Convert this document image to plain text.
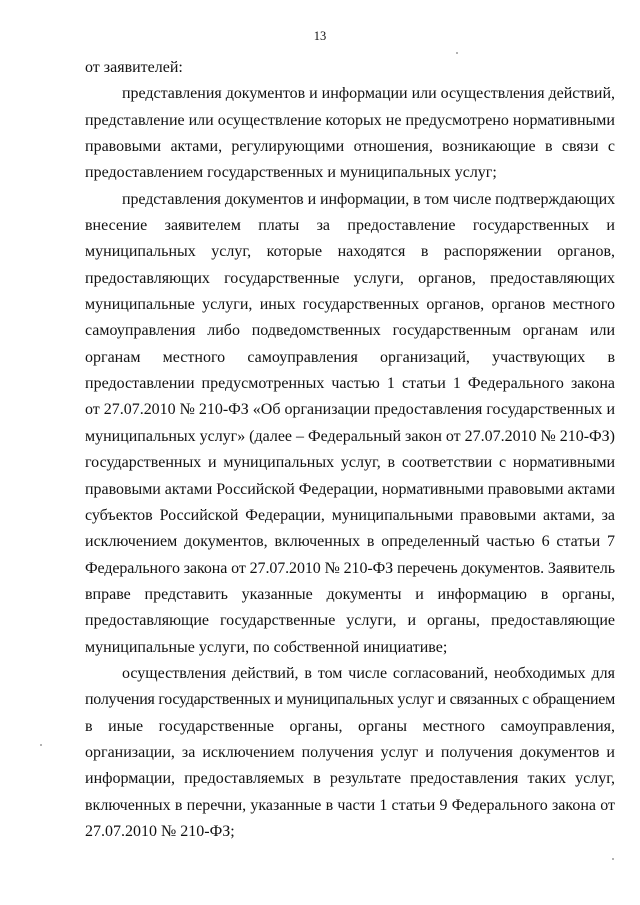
13
от заявителей:
представления документов и информации или осуществления действий,
представление или осуществление которых не предусмотрено нормативными
правовыми актами, регулирующими отношения, возникающие в связи с
предоставлением государственных и муниципальных услуг;
представления документов и информации, в том числе подтверждающих
внесение заявителем платы за предоставление государственных и
муниципальных услуг, которые находятся в распоряжении органов,
предоставляющих государственные услуги, органов, предоставляющих
муниципальные услуги, иных государственных органов, органов местного
самоуправления либо подведомственных государственным органам или
органам местного самоуправления организаций, участвующих в
предоставлении предусмотренных частью 1 статьи 1 Федерального закона
от 27.07.2010 № 210-ФЗ «Об организации предоставления государственных и
муниципальных услуг» (далее – Федеральный закон от 27.07.2010 № 210-ФЗ)
государственных и муниципальных услуг, в соответствии с нормативными
правовыми актами Российской Федерации, нормативными правовыми актами
субъектов Российской Федерации, муниципальными правовыми актами, за
исключением документов, включенных в определенный частью 6 статьи 7
Федерального закона от 27.07.2010 № 210-ФЗ перечень документов. Заявитель
вправе представить указанные документы и информацию в органы,
предоставляющие государственные услуги, и органы, предоставляющие
муниципальные услуги, по собственной инициативе;
осуществления действий, в том числе согласований, необходимых для
получения государственных и муниципальных услуг и связанных с обращением
в иные государственные органы, органы местного самоуправления,
организации, за исключением получения услуг и получения документов и
информации, предоставляемых в результате предоставления таких услуг,
включенных в перечни, указанные в части 1 статьи 9 Федерального закона от
27.07.2010 № 210-ФЗ;
